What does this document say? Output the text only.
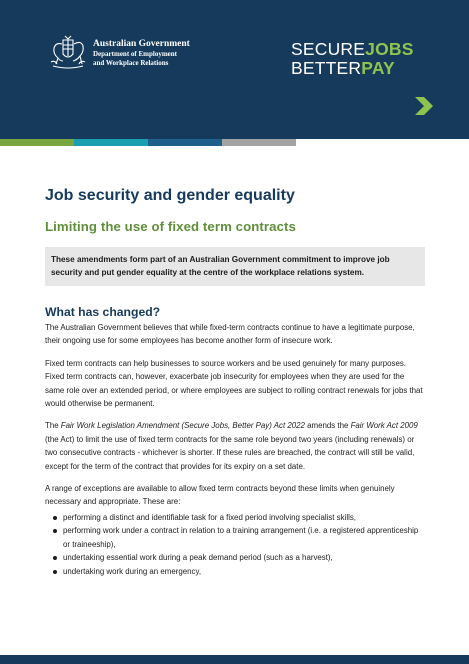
Australian Government
Department of Employment
and Workplace Relations
SECUREJOBS
BETTERPAY
Job security and gender equality
Limiting the use of fixed term contracts
These amendments form part of an Australian Government commitment to improve job security and put gender equality at the centre of the workplace relations system.
What has changed?

The Australian Government believes that while fixed-term contracts continue to have a legitimate purpose, their ongoing use for some employees has become another form of insecure work.

Fixed term contracts can help businesses to source workers and be used genuinely for many purposes. Fixed term contracts can, however, exacerbate job insecurity for employees when they are used for the same role over an extended period, or where employees are subject to rolling contract renewals for jobs that would otherwise be permanent.

The Fair Work Legislation Amendment (Secure Jobs, Better Pay) Act 2022 amends the Fair Work Act 2009 (the Act) to limit the use of fixed term contracts for the same role beyond two years (including renewals) or two consecutive contracts - whichever is shorter. If these rules are breached, the contract will still be valid, except for the term of the contract that provides for its expiry on a set date.

A range of exceptions are available to allow fixed term contracts beyond these limits when genuinely necessary and appropriate. These are:

performing a distinct and identifiable task for a fixed period involving specialist skills,
performing work under a contract in relation to a training arrangement (i.e. a registered apprenticeship or traineeship),
undertaking essential work during a peak demand period (such as a harvest),
undertaking work during an emergency,
